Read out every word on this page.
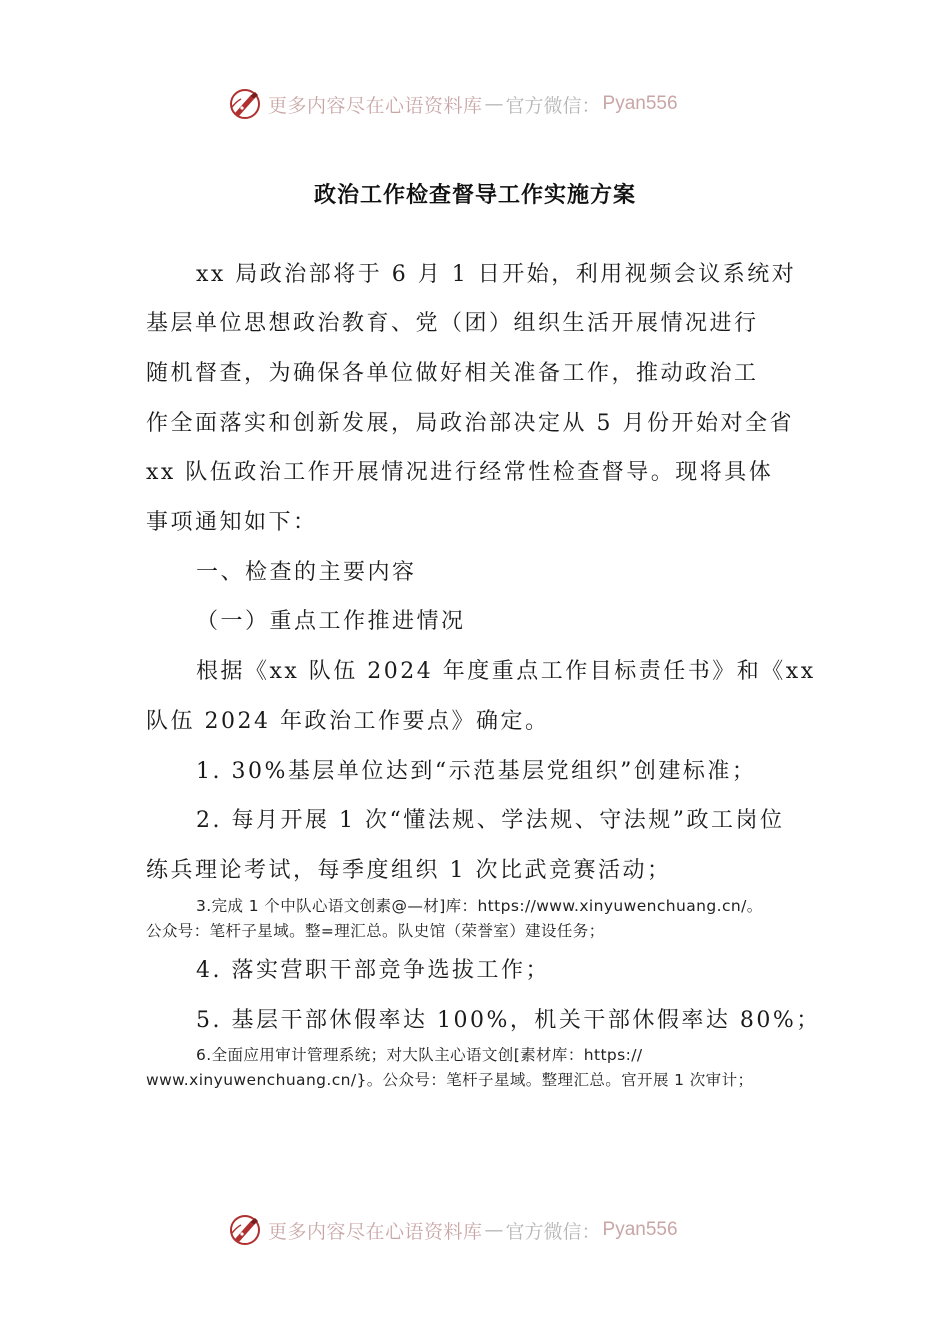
更多内容尽在心语资料库 — 官方微信： Pyan556
政治工作检查督导工作实施方案
xx 局政治部将于 6 月 1 日开始，利用视频会议系统对
基层单位思想政治教育、党（团）组织生活开展情况进行
随机督查，为确保各单位做好相关准备工作，推动政治工
作全面落实和创新发展，局政治部决定从 5 月份开始对全省
xx 队伍政治工作开展情况进行经常性检查督导。现将具体
事项通知如下：
一、检查的主要内容
（一）重点工作推进情况
根据《xx 队伍 2024 年度重点工作目标责任书》和《xx
队伍 2024 年政治工作要点》确定。
1. 30%基层单位达到“示范基层党组织”创建标准；
2. 每月开展 1 次“懂法规、学法规、守法规”政工岗位
练兵理论考试，每季度组织 1 次比武竞赛活动；
3.完成 1 个中队心语文创素@—材]库：https://www.xinyuwenchuang.cn/。
公众号：笔杆子星域。整=理汇总。队史馆（荣誉室）建设任务；
4. 落实营职干部竞争选拔工作；
5. 基层干部休假率达 100%，机关干部休假率达 80%；
6.全面应用审计管理系统；对大队主心语文创[素材库：https://
www.xinyuwenchuang.cn/}。公众号：笔杆子星域。整理汇总。官开展 1 次审计；
更多内容尽在心语资料库 — 官方微信： Pyan556
